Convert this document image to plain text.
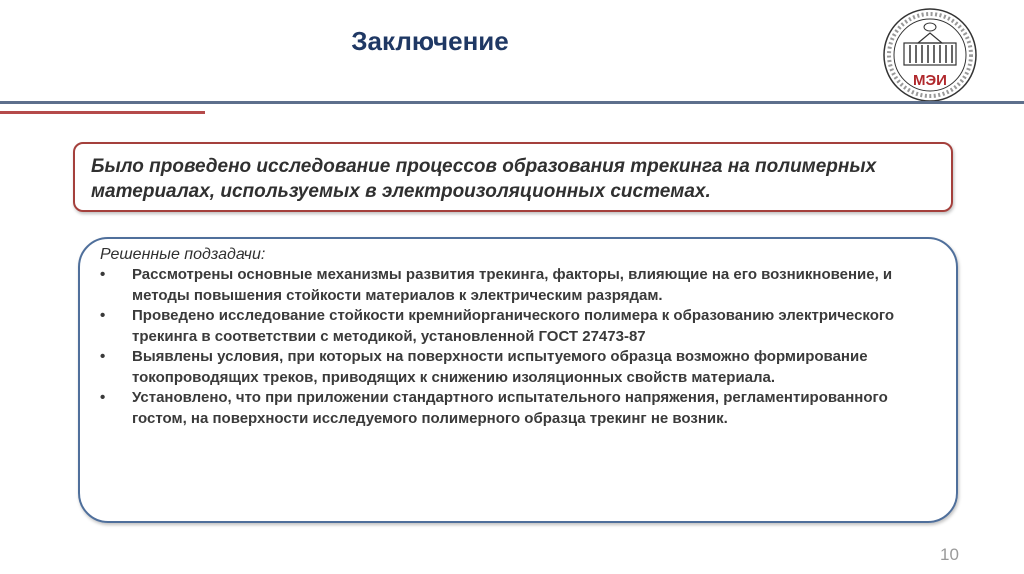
Заключение
МЭИ
Было проведено исследование процессов образования трекинга на полимерных материалах, используемых в электроизоляционных системах.
Решенные подзадачи:
• Рассмотрены основные механизмы развития трекинга, факторы, влияющие на его возникновение, и методы повышения стойкости материалов к электрическим разрядам.
• Проведено исследование стойкости кремнийорганического полимера к образованию электрического трекинга в соответствии с методикой, установленной ГОСТ 27473-87
• Выявлены условия, при которых на поверхности испытуемого образца возможно формирование токопроводящих треков, приводящих к снижению изоляционных свойств материала.
• Установлено, что при приложении стандартного испытательного напряжения, регламентированного гостом, на поверхности исследуемого полимерного образца трекинг не возник.
10
